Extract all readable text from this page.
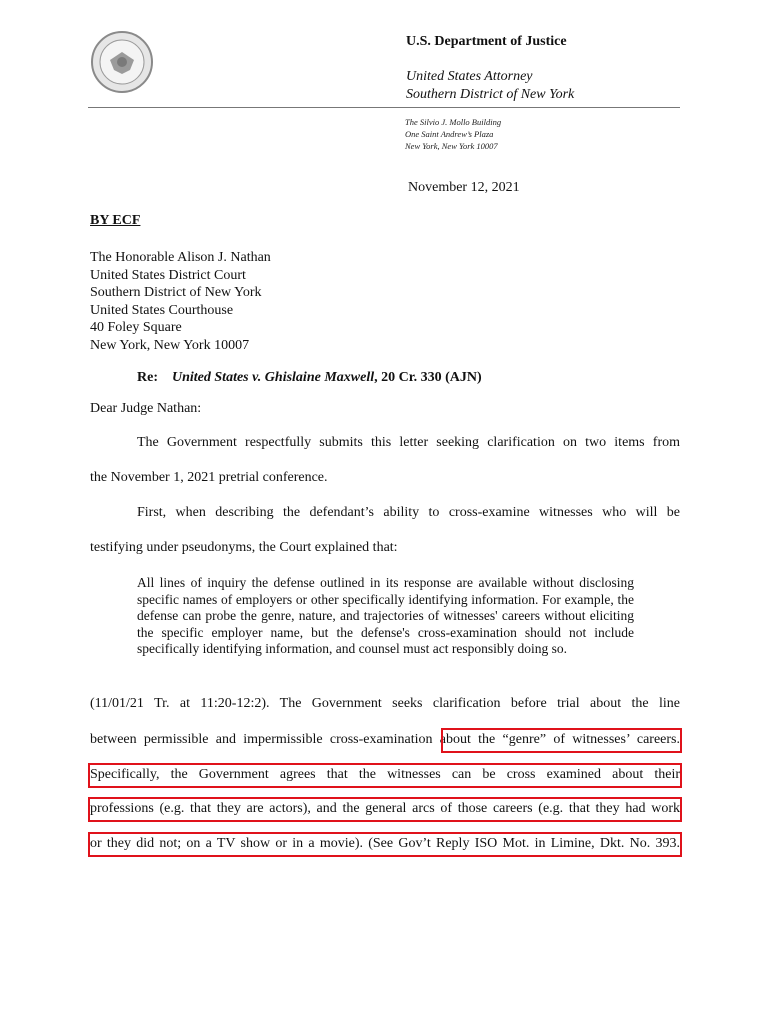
U.S. Department of Justice
United States Attorney
Southern District of New York
The Silvio J. Mollo Building
One Saint Andrew’s Plaza
New York, New York 10007
November 12, 2021
BY ECF
The Honorable Alison J. Nathan
United States District Court
Southern District of New York
United States Courthouse
40 Foley Square
New York, New York 10007
Re: United States v. Ghislaine Maxwell, 20 Cr. 330 (AJN)
Dear Judge Nathan:
The Government respectfully submits this letter seeking clarification on two items from
the November 1, 2021 pretrial conference.
First, when describing the defendant’s ability to cross-examine witnesses who will be
testifying under pseudonyms, the Court explained that:
All lines of inquiry the defense outlined in its response are available without disclosing specific names of employers or other specifically identifying information. For example, the defense can probe the genre, nature, and trajectories of witnesses' careers without eliciting the specific employer name, but the defense's cross-examination should not include specifically identifying information, and counsel must act responsibly doing so.
(11/01/21 Tr. at 11:20-12:2). The Government seeks clarification before trial about the line
between permissible and impermissible cross-examination about the “genre” of witnesses’ careers.
Specifically, the Government agrees that the witnesses can be cross examined about their
professions (e.g. that they are actors), and the general arcs of those careers (e.g. that they had work
or they did not; on a TV show or in a movie). (See Gov’t Reply ISO Mot. in Limine, Dkt. No. 393.
